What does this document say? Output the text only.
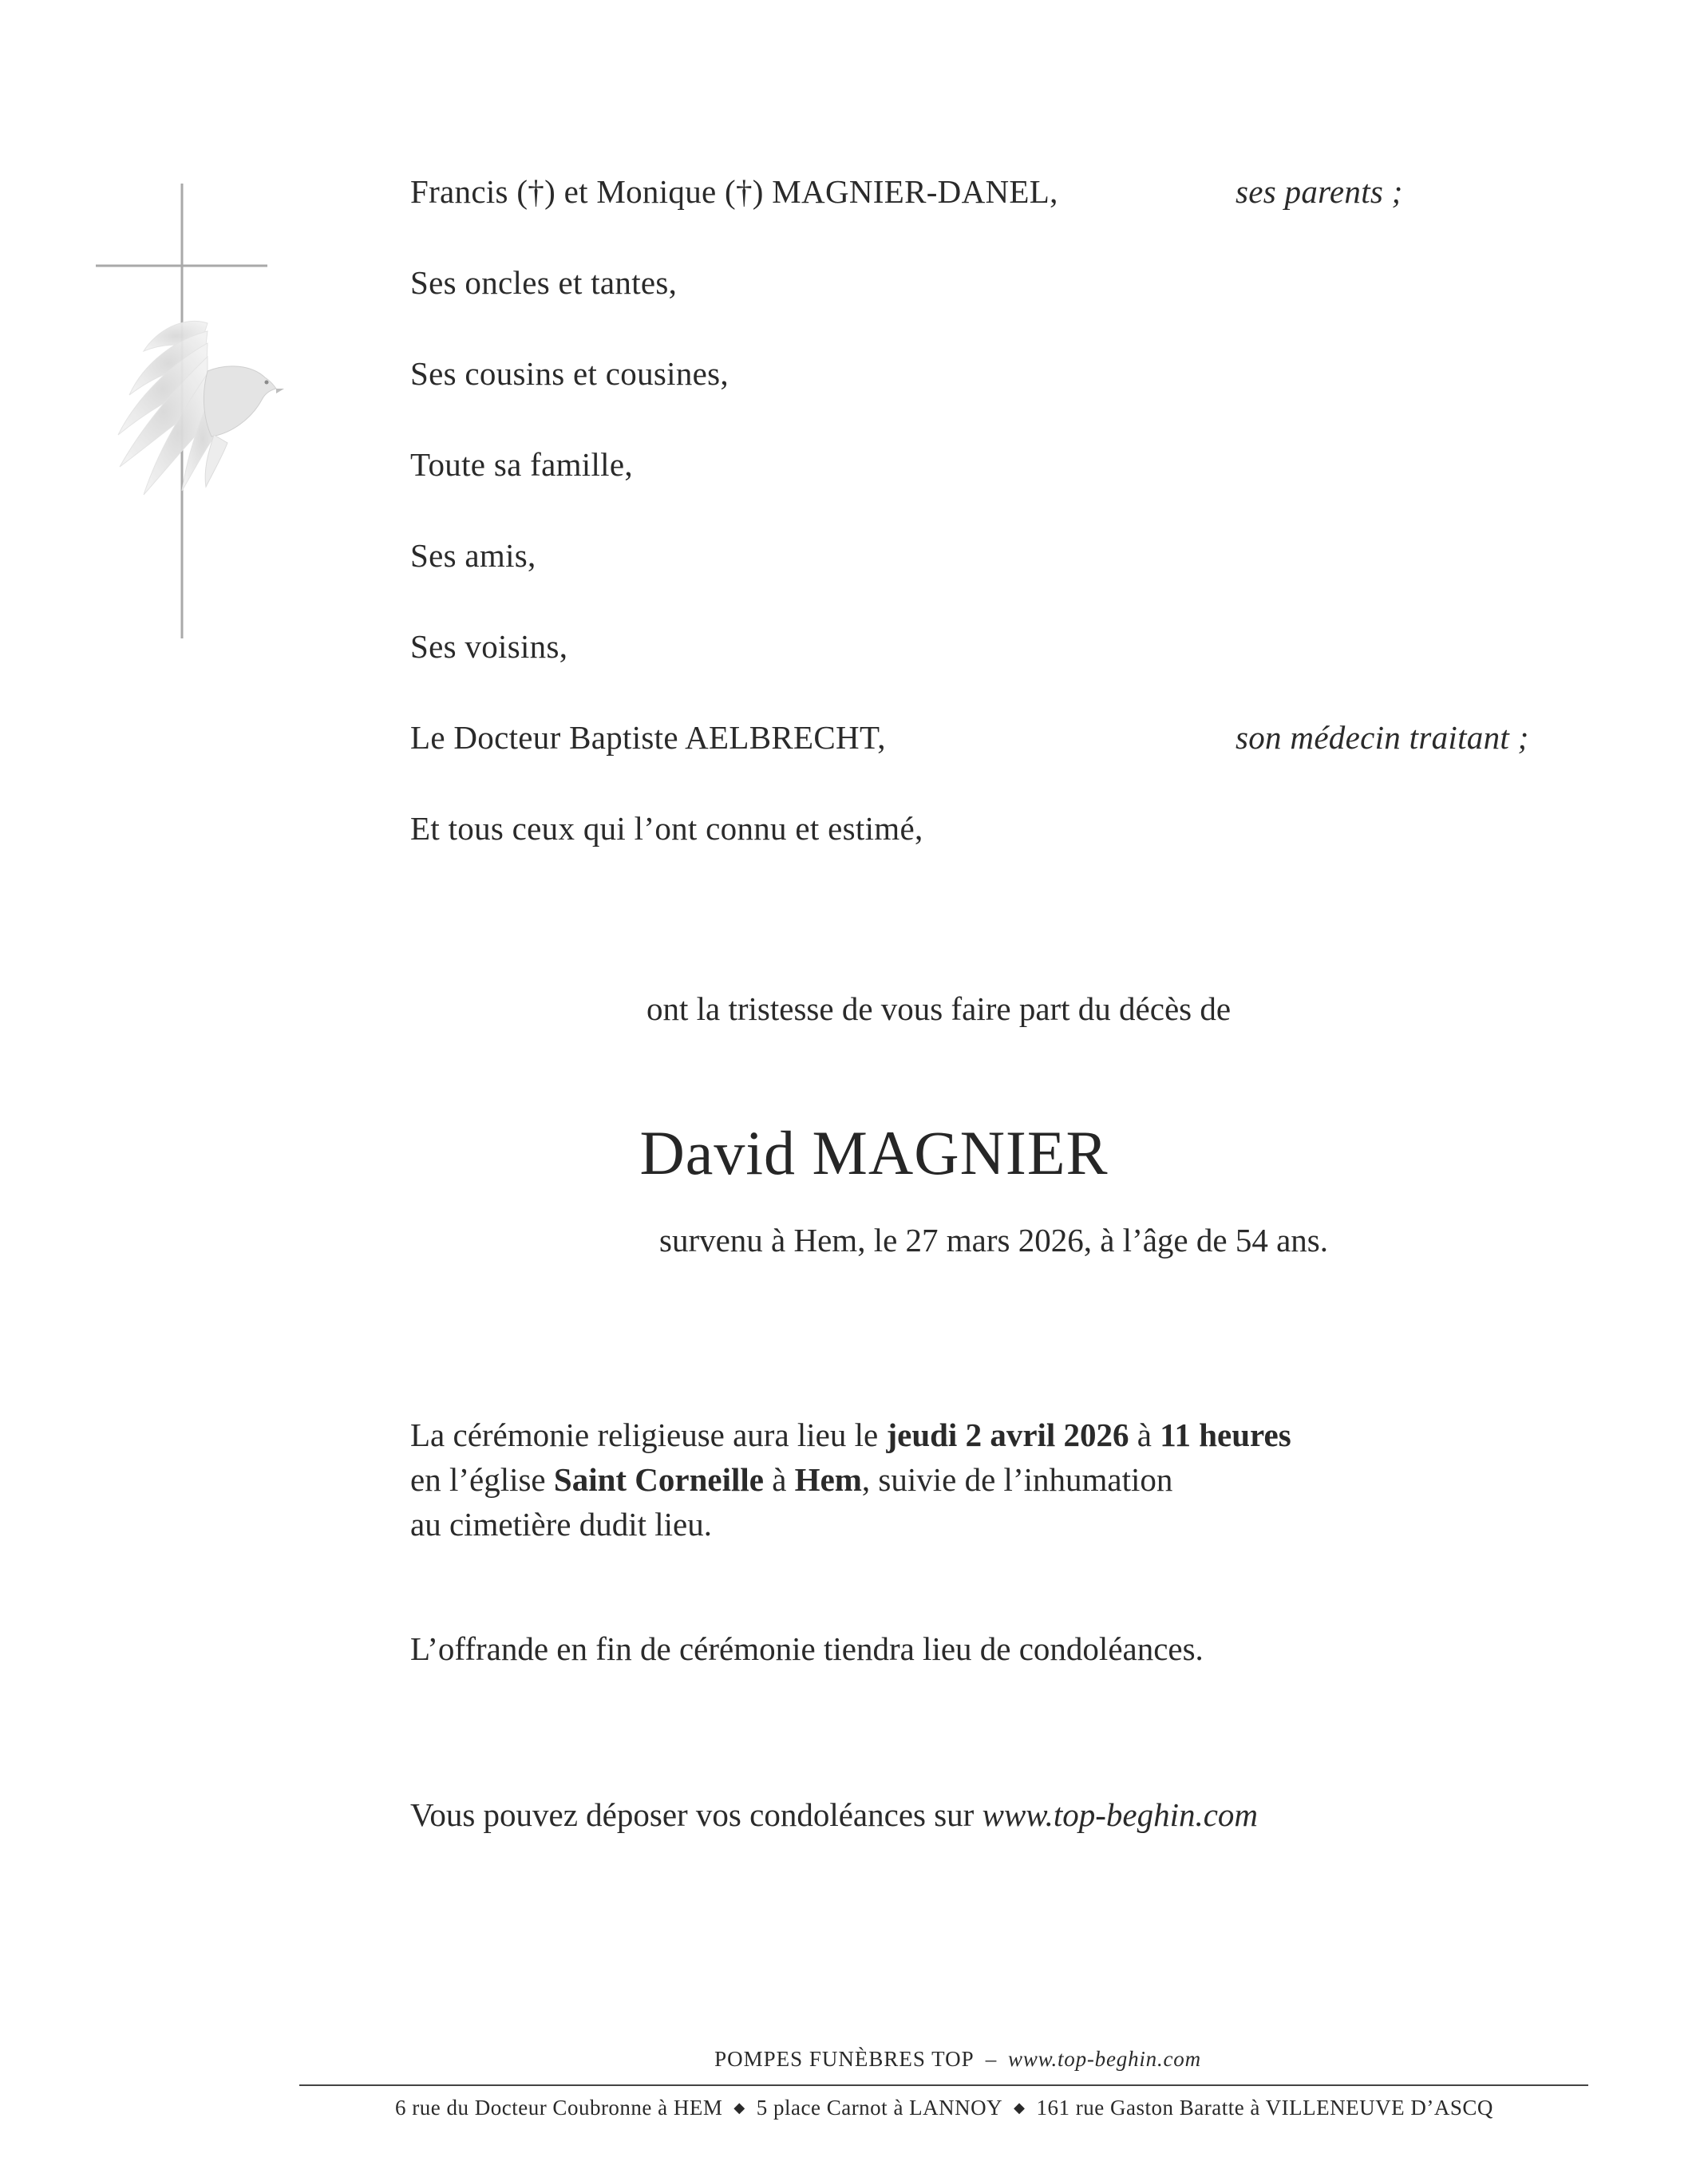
Francis (†) et Monique (†) MAGNIER-DANEL,	ses parents ;
Ses oncles et tantes,
Ses cousins et cousines,
Toute sa famille,
Ses amis,
Ses voisins,
Le Docteur Baptiste AELBRECHT,	son médecin traitant ;
Et tous ceux qui l’ont connu et estimé,
ont la tristesse de vous faire part du décès de
David MAGNIER
survenu à Hem, le 27 mars 2026, à l’âge de 54 ans.
La cérémonie religieuse aura lieu le jeudi 2 avril 2026 à 11 heures
en l’église Saint Corneille à Hem, suivie de l’inhumation
au cimetière dudit lieu.
L’offrande en fin de cérémonie tiendra lieu de condoléances.
Vous pouvez déposer vos condoléances sur www.top-beghin.com
POMPES FUNÈBRES TOP – www.top-beghin.com
6 rue du Docteur Coubronne à HEM ◆ 5 place Carnot à LANNOY ◆ 161 rue Gaston Baratte à VILLENEUVE D’ASCQ
